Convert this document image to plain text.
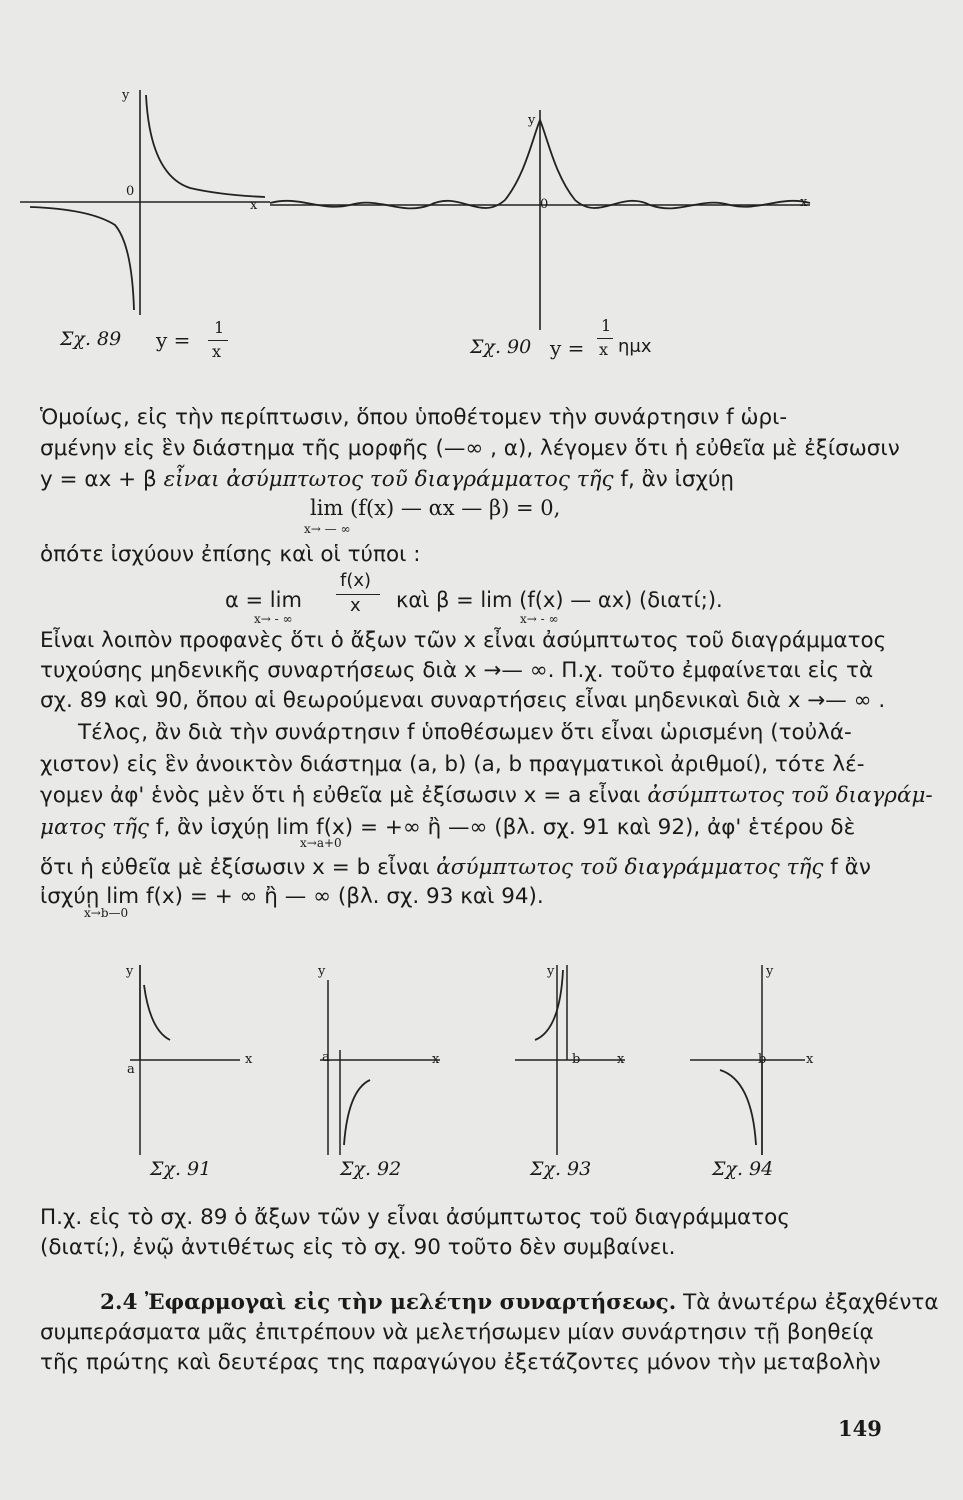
y
0
x
Σχ. 89 y =
1
x
y
0	x
Σχ. 90 y =
1
x ημx
Ὁμοίως, εἰς τὴν περίπτωσιν, ὅπου ὑποθέτομεν τὴν συνάρτησιν f ὡρι-
σμένην εἰς ἓν διάστημα τῆς μορφῆς (—∞ , α), λέγομεν ὅτι ἡ εὐθεῖα μὲ ἐξίσωσιν
y = αx + β εἶναι ἀσύμπτωτος τοῦ διαγράμματος τῆς f, ἂν ἰσχύῃ
lim (f(x) — αx — β) = 0,
x→ — ∞
ὁπότε ἰσχύουν ἐπίσης καὶ οἱ τύποι :
α = lim
x→ - ∞
f(x)
x καὶ β = lim (f(x) — αx) (διατί;).
x→ - ∞
Εἶναι λοιπὸν προφανὲς ὅτι ὁ ἄξων τῶν x εἶναι ἀσύμπτωτος τοῦ διαγράμματος
τυχούσης μηδενικῆς συναρτήσεως διὰ x →— ∞. Π.χ. τοῦτο ἐμφαίνεται εἰς τὰ
σχ. 89 καὶ 90, ὅπου αἱ θεωρούμεναι συναρτήσεις εἶναι μηδενικαὶ διὰ x →— ∞ .
Τέλος, ἂν διὰ τὴν συνάρτησιν f ὑποθέσωμεν ὅτι εἶναι ὡρισμένη (τοὐλά-
χιστον) εἰς ἓν ἀνοικτὸν διάστημα (a, b) (a, b πραγματικοὶ ἀριθμοί), τότε λέ-
γομεν ἀφ' ἑνὸς μὲν ὅτι ἡ εὐθεῖα μὲ ἐξίσωσιν x = a εἶναι ἀσύμπτωτος τοῦ διαγράμ-
ματος τῆς f, ἂν ἰσχύῃ lim f(x) = +∞ ἢ —∞ (βλ. σχ. 91 καὶ 92), ἀφ' ἑτέρου δὲ
x→a+0
ὅτι ἡ εὐθεῖα μὲ ἐξίσωσιν x = b εἶναι ἀσύμπτωτος τοῦ διαγράμματος τῆς f ἂν
ἰσχύῃ lim f(x) = + ∞ ἢ — ∞ (βλ. σχ. 93 καὶ 94).
x→b—0
y
a
x
Σχ. 91
y
a	x
Σχ. 92
y
b	x
Σχ. 93
y
b	x
Σχ. 94
Π.χ. εἰς τὸ σχ. 89 ὁ ἄξων τῶν y εἶναι ἀσύμπτωτος τοῦ διαγράμματος
(διατί;), ἐνῷ ἀντιθέτως εἰς τὸ σχ. 90 τοῦτο δὲν συμβαίνει.
2.4 Ἐφαρμογαὶ εἰς τὴν μελέτην συναρτήσεως. Τὰ ἀνωτέρω ἐξαχθέντα
συμπεράσματα μᾶς ἐπιτρέπουν νὰ μελετήσωμεν μίαν συνάρτησιν τῇ βοηθείᾳ
τῆς πρώτης καὶ δευτέρας της παραγώγου ἐξετάζοντες μόνον τὴν μεταβολὴν
149
